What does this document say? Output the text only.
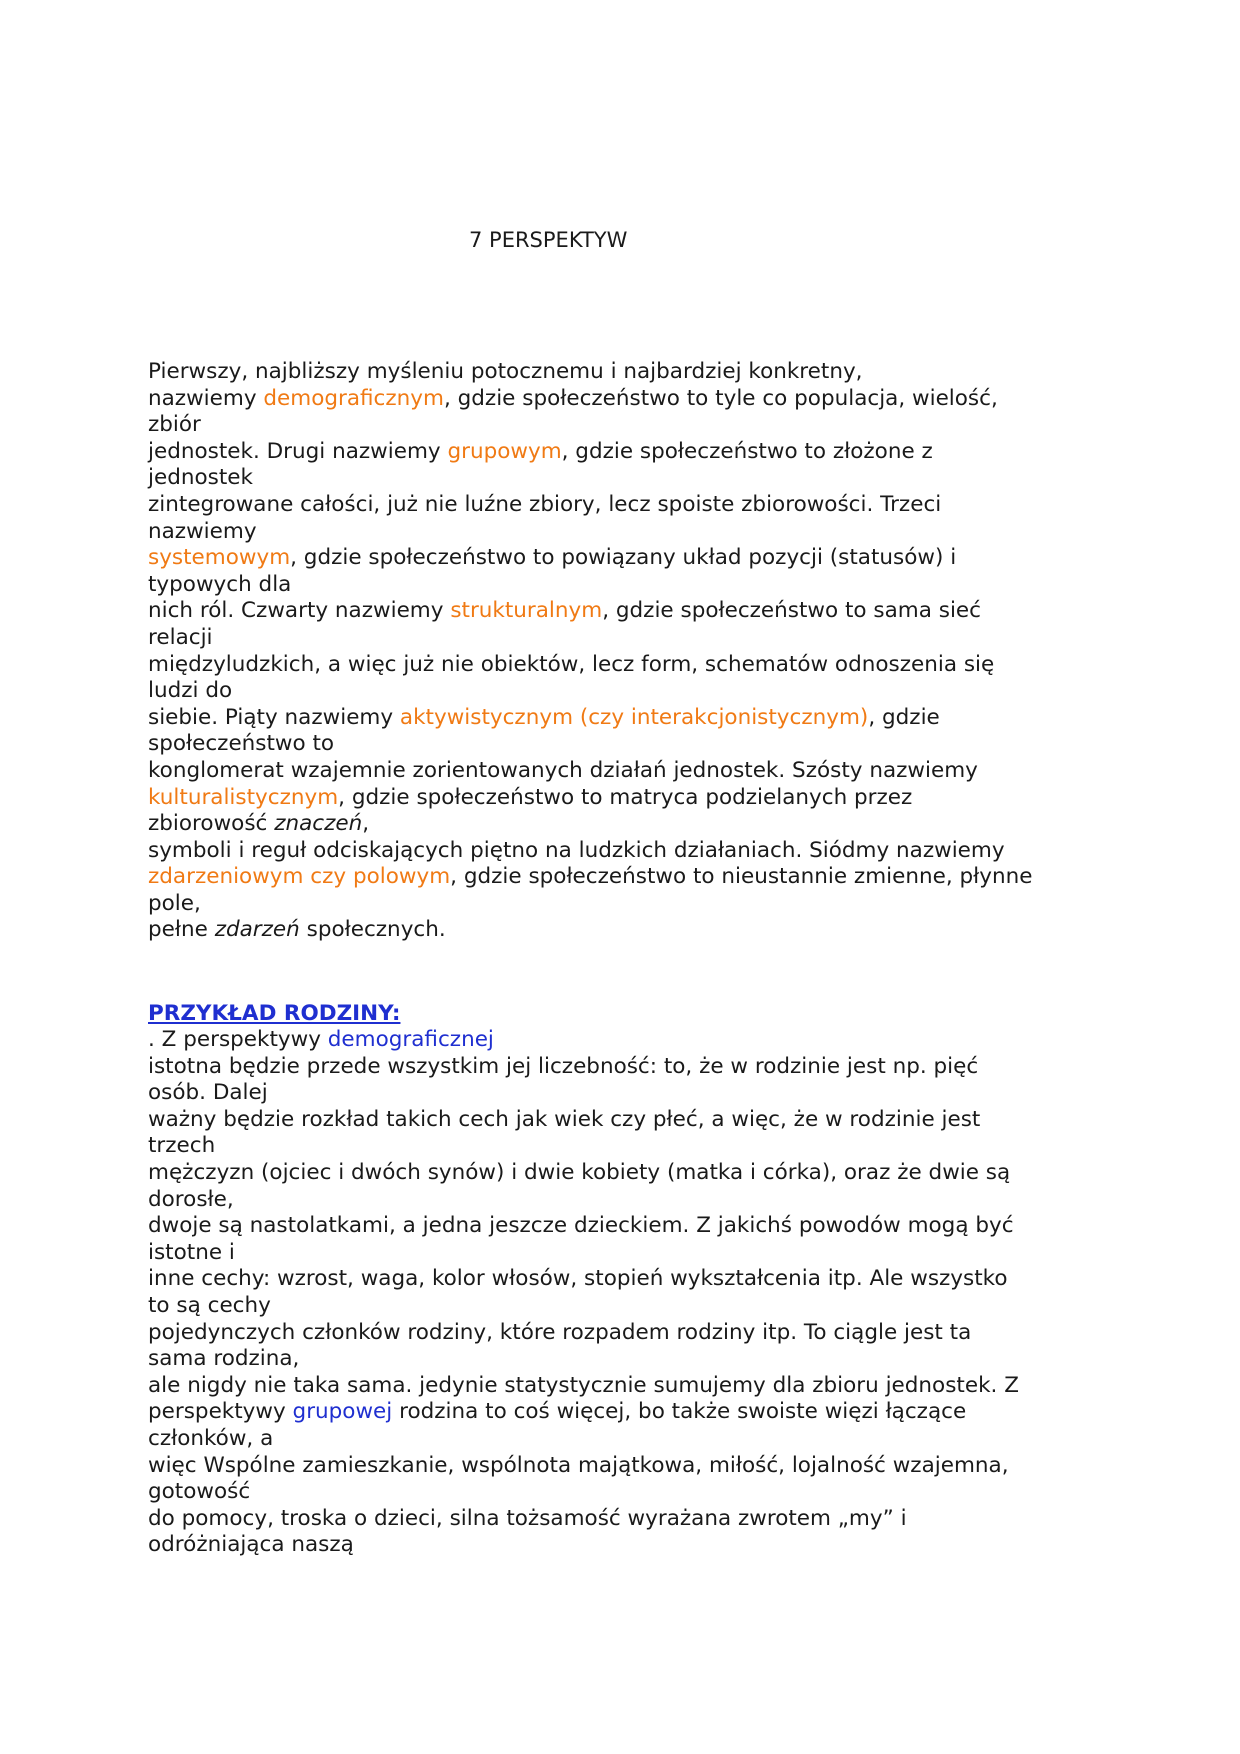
7 PERSPEKTYW
Pierwszy, najbliższy myśleniu potocznemu i najbardziej konkretny,
nazwiemy demograficznym, gdzie społeczeństwo to tyle co populacja, wielość,
zbiór
jednostek. Drugi nazwiemy grupowym, gdzie społeczeństwo to złożone z
jednostek
zintegrowane całości, już nie luźne zbiory, lecz spoiste zbiorowości. Trzeci
nazwiemy
systemowym, gdzie społeczeństwo to powiązany układ pozycji (statusów) i
typowych dla
nich ról. Czwarty nazwiemy strukturalnym, gdzie społeczeństwo to sama sieć
relacji
międzyludzkich, a więc już nie obiektów, lecz form, schematów odnoszenia się
ludzi do
siebie. Piąty nazwiemy aktywistycznym (czy interakcjonistycznym), gdzie
społeczeństwo to
konglomerat wzajemnie zorientowanych działań jednostek. Szósty nazwiemy
kulturalistycznym, gdzie społeczeństwo to matryca podzielanych przez
zbiorowość znaczeń,
symboli i reguł odciskających piętno na ludzkich działaniach. Siódmy nazwiemy
zdarzeniowym czy polowym, gdzie społeczeństwo to nieustannie zmienne, płynne
pole,
pełne zdarzeń społecznych.
PRZYKŁAD RODZINY:
. Z perspektywy demograficznej
istotna będzie przede wszystkim jej liczebność: to, że w rodzinie jest np. pięć
osób. Dalej
ważny będzie rozkład takich cech jak wiek czy płeć, a więc, że w rodzinie jest
trzech
mężczyzn (ojciec i dwóch synów) i dwie kobiety (matka i córka), oraz że dwie są
dorosłe,
dwoje są nastolatkami, a jedna jeszcze dzieckiem. Z jakichś powodów mogą być
istotne i
inne cechy: wzrost, waga, kolor włosów, stopień wykształcenia itp. Ale wszystko
to są cechy
pojedynczych członków rodziny, które rozpadem rodziny itp. To ciągle jest ta
sama rodzina,
ale nigdy nie taka sama. jedynie statystycznie sumujemy dla zbioru jednostek. Z
perspektywy grupowej rodzina to coś więcej, bo także swoiste więzi łączące
członków, a
więc Wspólne zamieszkanie, wspólnota majątkowa, miłość, lojalność wzajemna,
gotowość
do pomocy, troska o dzieci, silna tożsamość wyrażana zwrotem „my” i
odróżniająca naszą
